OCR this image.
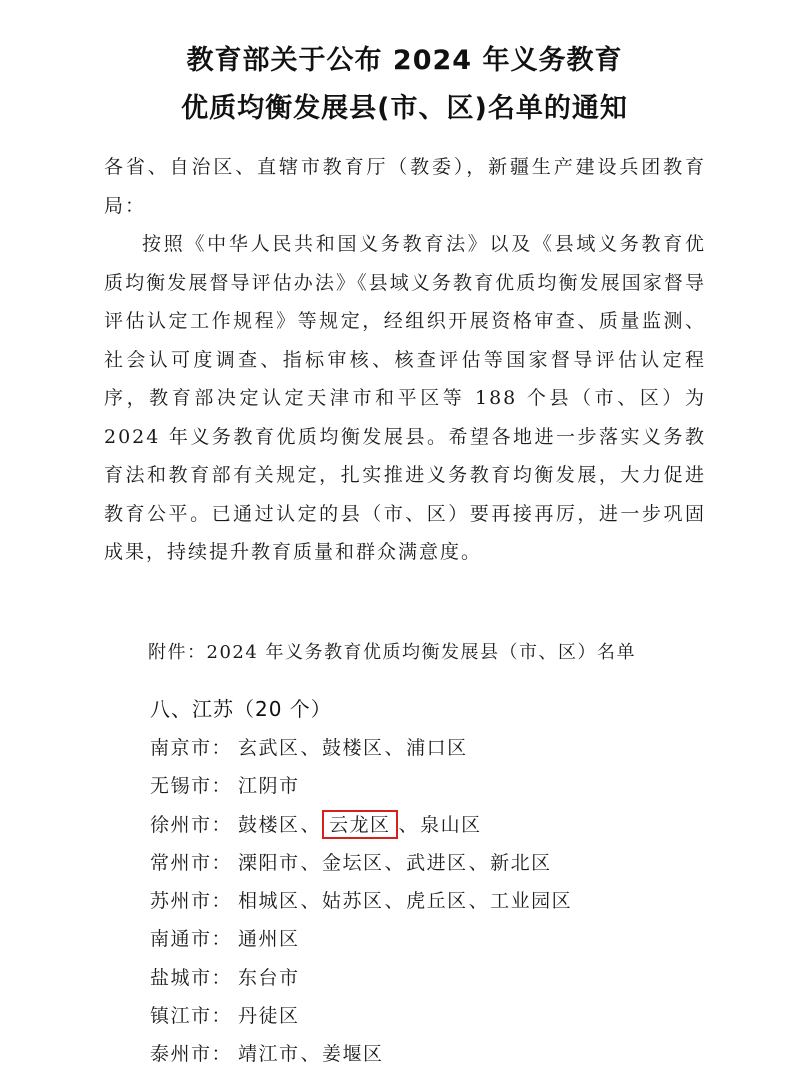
教育部关于公布 2024 年义务教育
优质均衡发展县(市、区)名单的通知
各省、自治区、直辖市教育厅（教委），新疆生产建设兵团教育局：
按照《中华人民共和国义务教育法》以及《县域义务教育优质均衡发展督导评估办法》《县域义务教育优质均衡发展国家督导评估认定工作规程》等规定，经组织开展资格审查、质量监测、社会认可度调查、指标审核、核查评估等国家督导评估认定程序，教育部决定认定天津市和平区等 188 个县（市、区）为 2024 年义务教育优质均衡发展县。希望各地进一步落实义务教育法和教育部有关规定，扎实推进义务教育均衡发展，大力促进教育公平。已通过认定的县（市、区）要再接再厉，进一步巩固成果，持续提升教育质量和群众满意度。
附件：2024 年义务教育优质均衡发展县（市、区）名单
八、江苏（20 个）
南京市： 玄武区、鼓楼区、浦口区
无锡市： 江阴市
徐州市： 鼓楼区、 云龙区 、泉山区
常州市： 溧阳市、金坛区、武进区、新北区
苏州市： 相城区、姑苏区、虎丘区、工业园区
南通市： 通州区
盐城市： 东台市
镇江市： 丹徒区
泰州市： 靖江市、姜堰区
